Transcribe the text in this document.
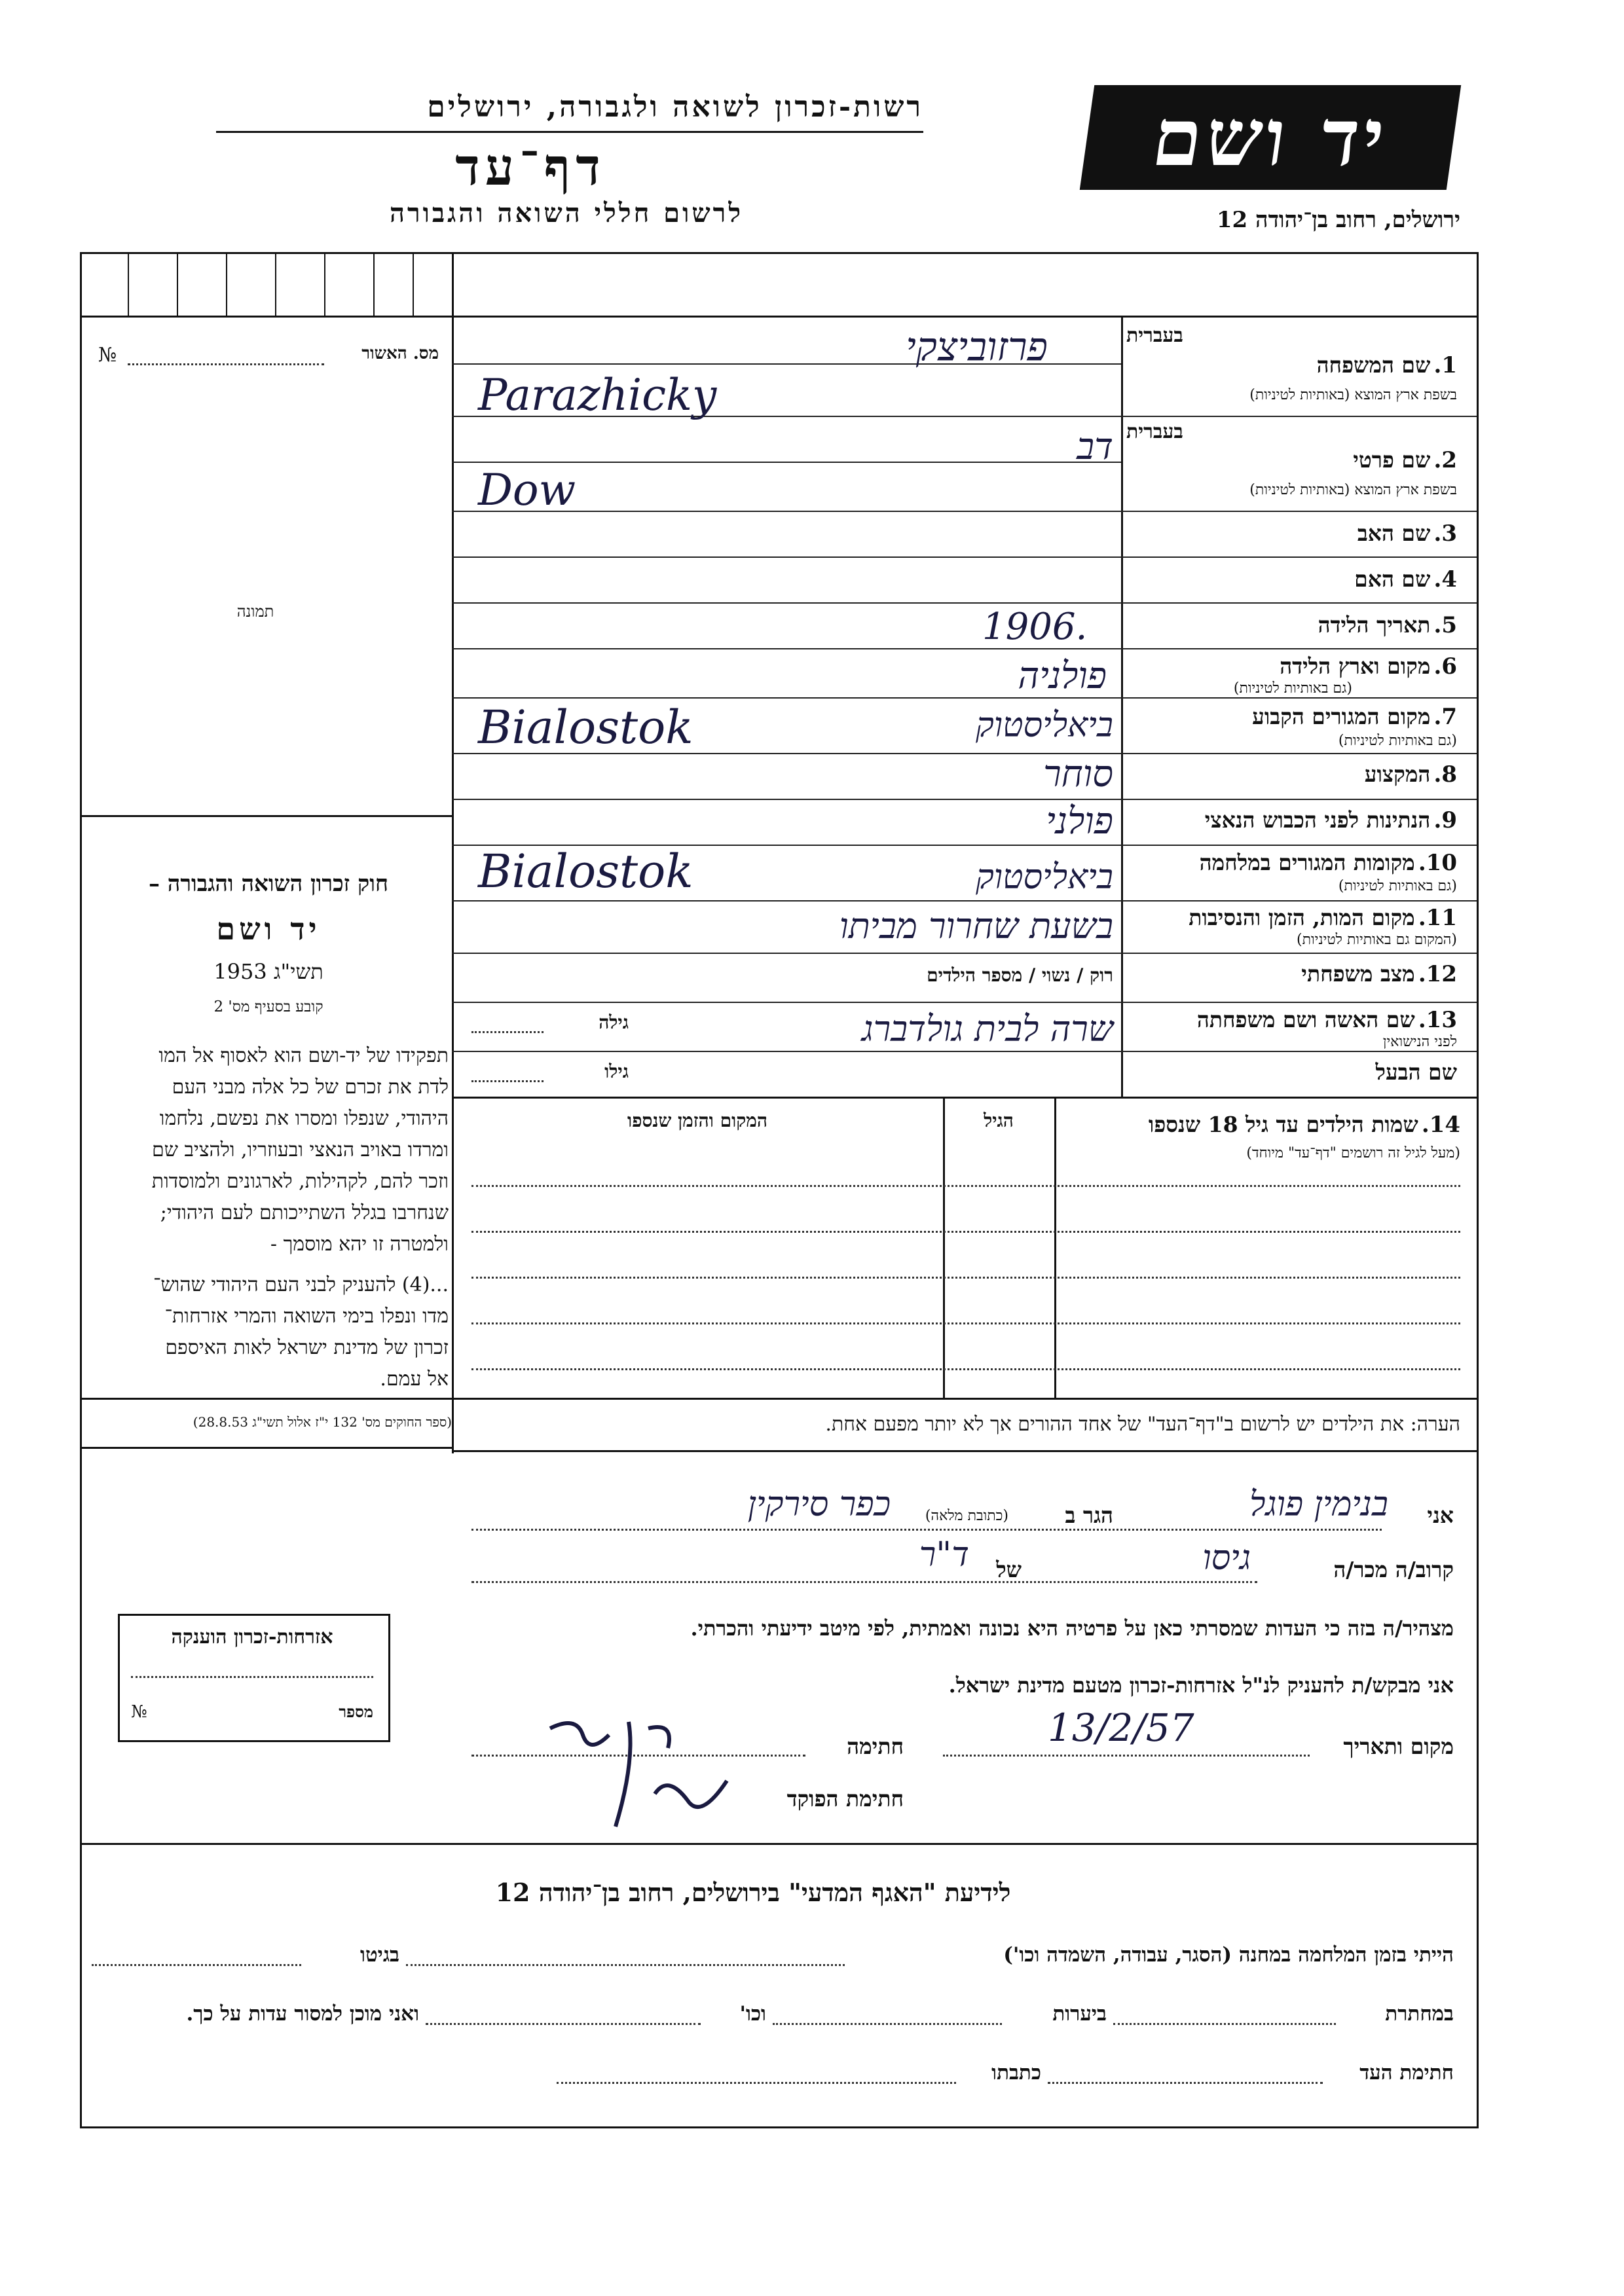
רשות-זכרון לשואה ולגבורה, ירושלים
דף־עד
לרשום חללי השואה והגבורה
יד ושם
ירושלים, רחוב בן־יהודה 12
№	מס. האשור
תמונה
חוק זכרון השואה והגבורה –
יד ושם
תשי"ג 1953
קובע בסעיף מס' 2
תפקידו של יד-ושם הוא לאסוף אל המו
לדת את זכרם של כל אלה מבני העם
היהודי, שנפלו ומסרו את נפשם, נלחמו
ומרדו באויב הנאצי ובעוזריו, ולהציב שם
וזכר להם, לקהילות, לארגונים ולמוסדות
שנחרבו בגלל השתייכותם לעם היהודי;
ולמטרה זו יהא מוסמך -
...(4) להעניק לבני העם היהודי שהוש־
מדו ונפלו בימי השואה והמרי אזרחות־
זכרון של מדינת ישראל לאות האיספם
אל עמם.
בעברית
1. שם המשפחה
בשפת ארץ המוצא (באותיות לטיניות)
פרזוביצקי
Parazhicky
בעברית
2. שם פרטי
בשפת ארץ המוצא (באותיות לטיניות)
דב
Dow
3. שם האב
4. שם האם
5. תאריך הלידה
1906.
6. מקום וארץ הלידה
(גם באותיות לטיניות)
פולניה
7. מקום המגורים הקבוע
(גם באותיות לטיניות)
ביאליסטוק
Bialostok
8. המקצוע
סוחר
9. הנתינות לפני הכבוש הנאצי
פולני
10. מקומות המגורים במלחמה
(גם באותיות לטיניות)
ביאליסטוק
Bialostok
11. מקום המות, הזמן והנסיבות
(המקום גם באותיות לטיניות)
בשעת שחרור מביתו
12. מצב משפחתי
רוק / נשוי / מספר הילדים
13. שם האשה ושם משפחתה
לפני הנישואין
שרה לבית גולדברג
גילה
שם הבעל
גילו
14. שמות הילדים עד גיל 18 שנספו
(מעל לגיל זה רושמים "דף־עד" מיוחד)
הגיל
המקום והזמן שנספו
(ספר החוקים מס' 132 י"ז אלול תשי"ג 28.8.53)	הערה: את הילדים יש לרשום ב"דף־העד" של אחד ההורים אך לא יותר מפעם אחת.
אני
בנימין פוגל
הגר ב
(כתובת מלאה)
כפר סירקין
קרוב/ה מכר/ה
גיסו
של
ד"ר
מצהיר/ה בזה כי העדות שמסרתי כאן על פרטיה היא נכונה ואמתית, לפי מיטב ידיעתי והכרתי.
אני מבקש/ת להעניק לנ"ל אזרחות-זכרון מטעם מדינת ישראל.
מקום ותאריך
13/2/57
חתימה
חתימת הפוקד
אזרחות-זכרון הוענקה
№	מספר
לידיעת "האגף המדעי" בירושלים, רחוב בן־יהודה 12
הייתי בזמן המלחמה במחנה (הסגר, עבודה, השמדה וכו')
בגיטו
במחתרת
ביערות
וכו'
ואני מוכן למסור עדות על כך.
חתימת העד
כתבתו
